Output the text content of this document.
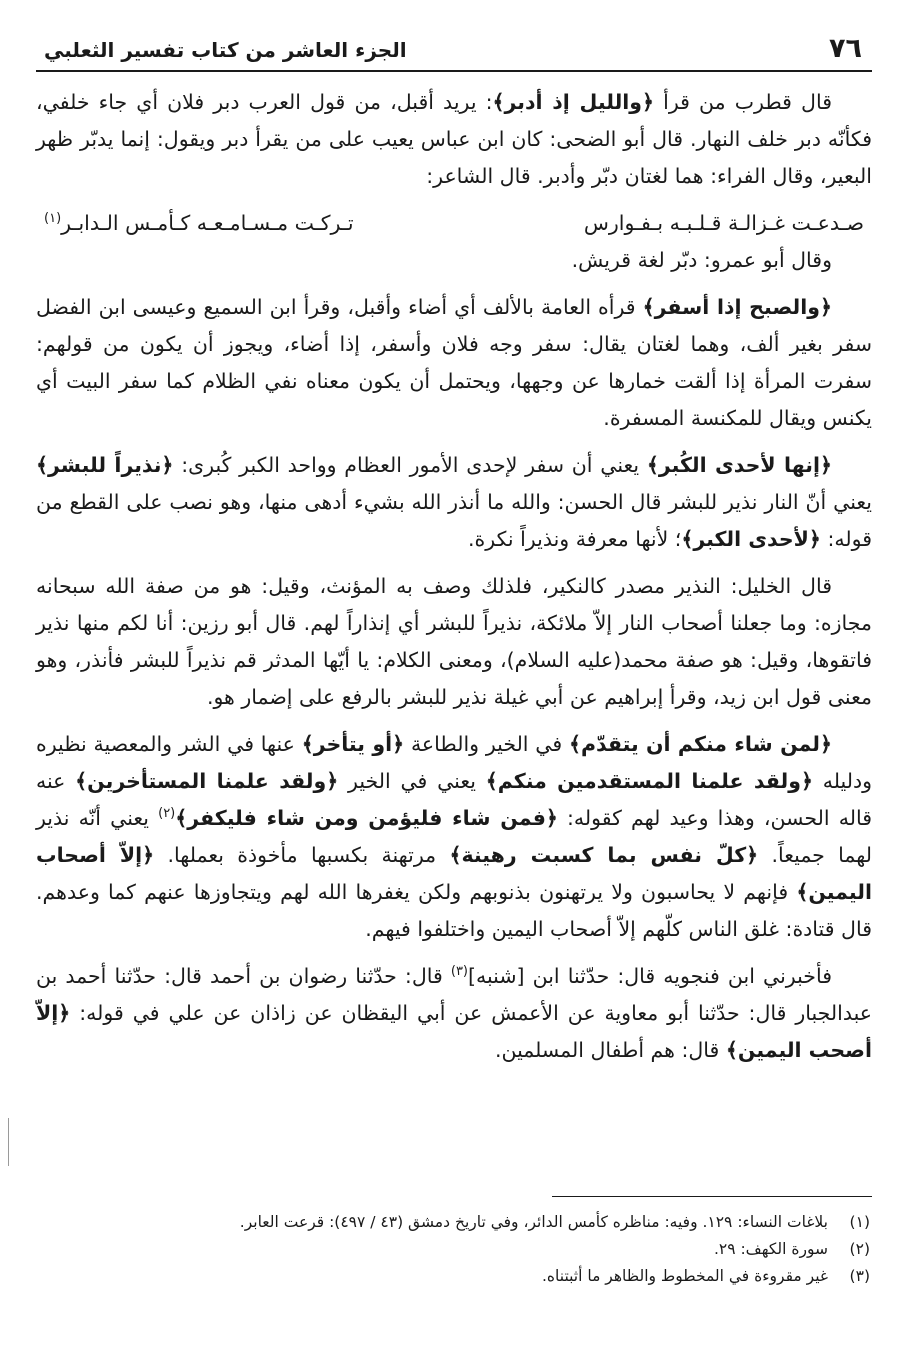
٧٦
الجزء العاشر من كتاب تفسير الثعلبي

قال قطرب من قرأ ﴿والليل إذ أدبر﴾: يريد أقبل، من قول العرب دبر فلان أي جاء خلفي، فكأنّه دبر خلف النهار. قال أبو الضحى: كان ابن عباس يعيب على من يقرأ دبر ويقول: إنما يدبّر ظهر البعير، وقال الفراء: هما لغتان دبّر وأدبر. قال الشاعر:

صـدعـت غـزالـة قـلـبـه بـفـوارس
تـركـت مـسـامـعـه كـأمـس الـدابـر$^{(١)}$

وقال أبو عمرو: دبّر لغة قريش.

﴿والصبح إذا أسفر﴾ قرأه العامة بالألف أي أضاء وأقبل، وقرأ ابن السميع وعيسى ابن الفضل سفر بغير ألف، وهما لغتان يقال: سفر وجه فلان وأسفر، إذا أضاء، ويجوز أن يكون من قولهم: سفرت المرأة إذا ألقت خمارها عن وجهها، ويحتمل أن يكون معناه نفي الظلام كما سفر البيت أي يكنس ويقال للمكنسة المسفرة.

﴿إنها لأحدى الكُبر﴾ يعني أن سفر لإحدى الأمور العظام وواحد الكبر كُبرى: ﴿نذيراً للبشر﴾ يعني أنّ النار نذير للبشر قال الحسن: والله ما أنذر الله بشيء أدهى منها، وهو نصب على القطع من قوله: ﴿لأحدى الكبر﴾؛ لأنها معرفة ونذيراً نكرة.

قال الخليل: النذير مصدر كالنكير، فلذلك وصف به المؤنث، وقيل: هو من صفة الله سبحانه مجازه: وما جعلنا أصحاب النار إلاّ ملائكة، نذيراً للبشر أي إنذاراً لهم. قال أبو رزين: أنا لكم منها نذير فاتقوها، وقيل: هو صفة محمد(عليه السلام)، ومعنى الكلام: يا أيّها المدثر قم نذيراً للبشر فأنذر، وهو معنى قول ابن زيد، وقرأ إبراهيم عن أبي غيلة نذير للبشر بالرفع على إضمار هو.

﴿لمن شاء منكم أن يتقدّم﴾ في الخير والطاعة ﴿أو يتأخر﴾ عنها في الشر والمعصية نظيره ودليله ﴿ولقد علمنا المستقدمين منكم﴾ يعني في الخير ﴿ولقد علمنا المستأخرين﴾ عنه قاله الحسن، وهذا وعيد لهم كقوله: ﴿فمن شاء فليؤمن ومن شاء فليكفر﴾$^{(٢)}$ يعني أنّه نذير لهما جميعاً. ﴿كلّ نفس بما كسبت رهينة﴾ مرتهنة بكسبها مأخوذة بعملها. ﴿إلاّ أصحاب اليمين﴾ فإنهم لا يحاسبون ولا يرتهنون بذنوبهم ولكن يغفرها الله لهم ويتجاوزها عنهم كما وعدهم. قال قتادة: غلق الناس كلّهم إلاّ أصحاب اليمين واختلفوا فيهم.

فأخبرني ابن فنجويه قال: حدّثنا ابن [شنبه]$^{(٣)}$ قال: حدّثنا رضوان بن أحمد قال: حدّثنا أحمد بن عبدالجبار قال: حدّثنا أبو معاوية عن الأعمش عن أبي اليقظان عن زاذان عن علي في قوله: ﴿إلاّ أصحب اليمين﴾ قال: هم أطفال المسلمين.

(١)
بلاغات النساء: ١٢٩. وفيه: مناظره كأمس الدائر، وفي تاريخ دمشق (٤٣ / ٤٩٧): قرعت العابر.
(٢)
سورة الكهف: ٢٩.
(٣)
غير مقروءة في المخطوط والظاهر ما أثبتناه.
